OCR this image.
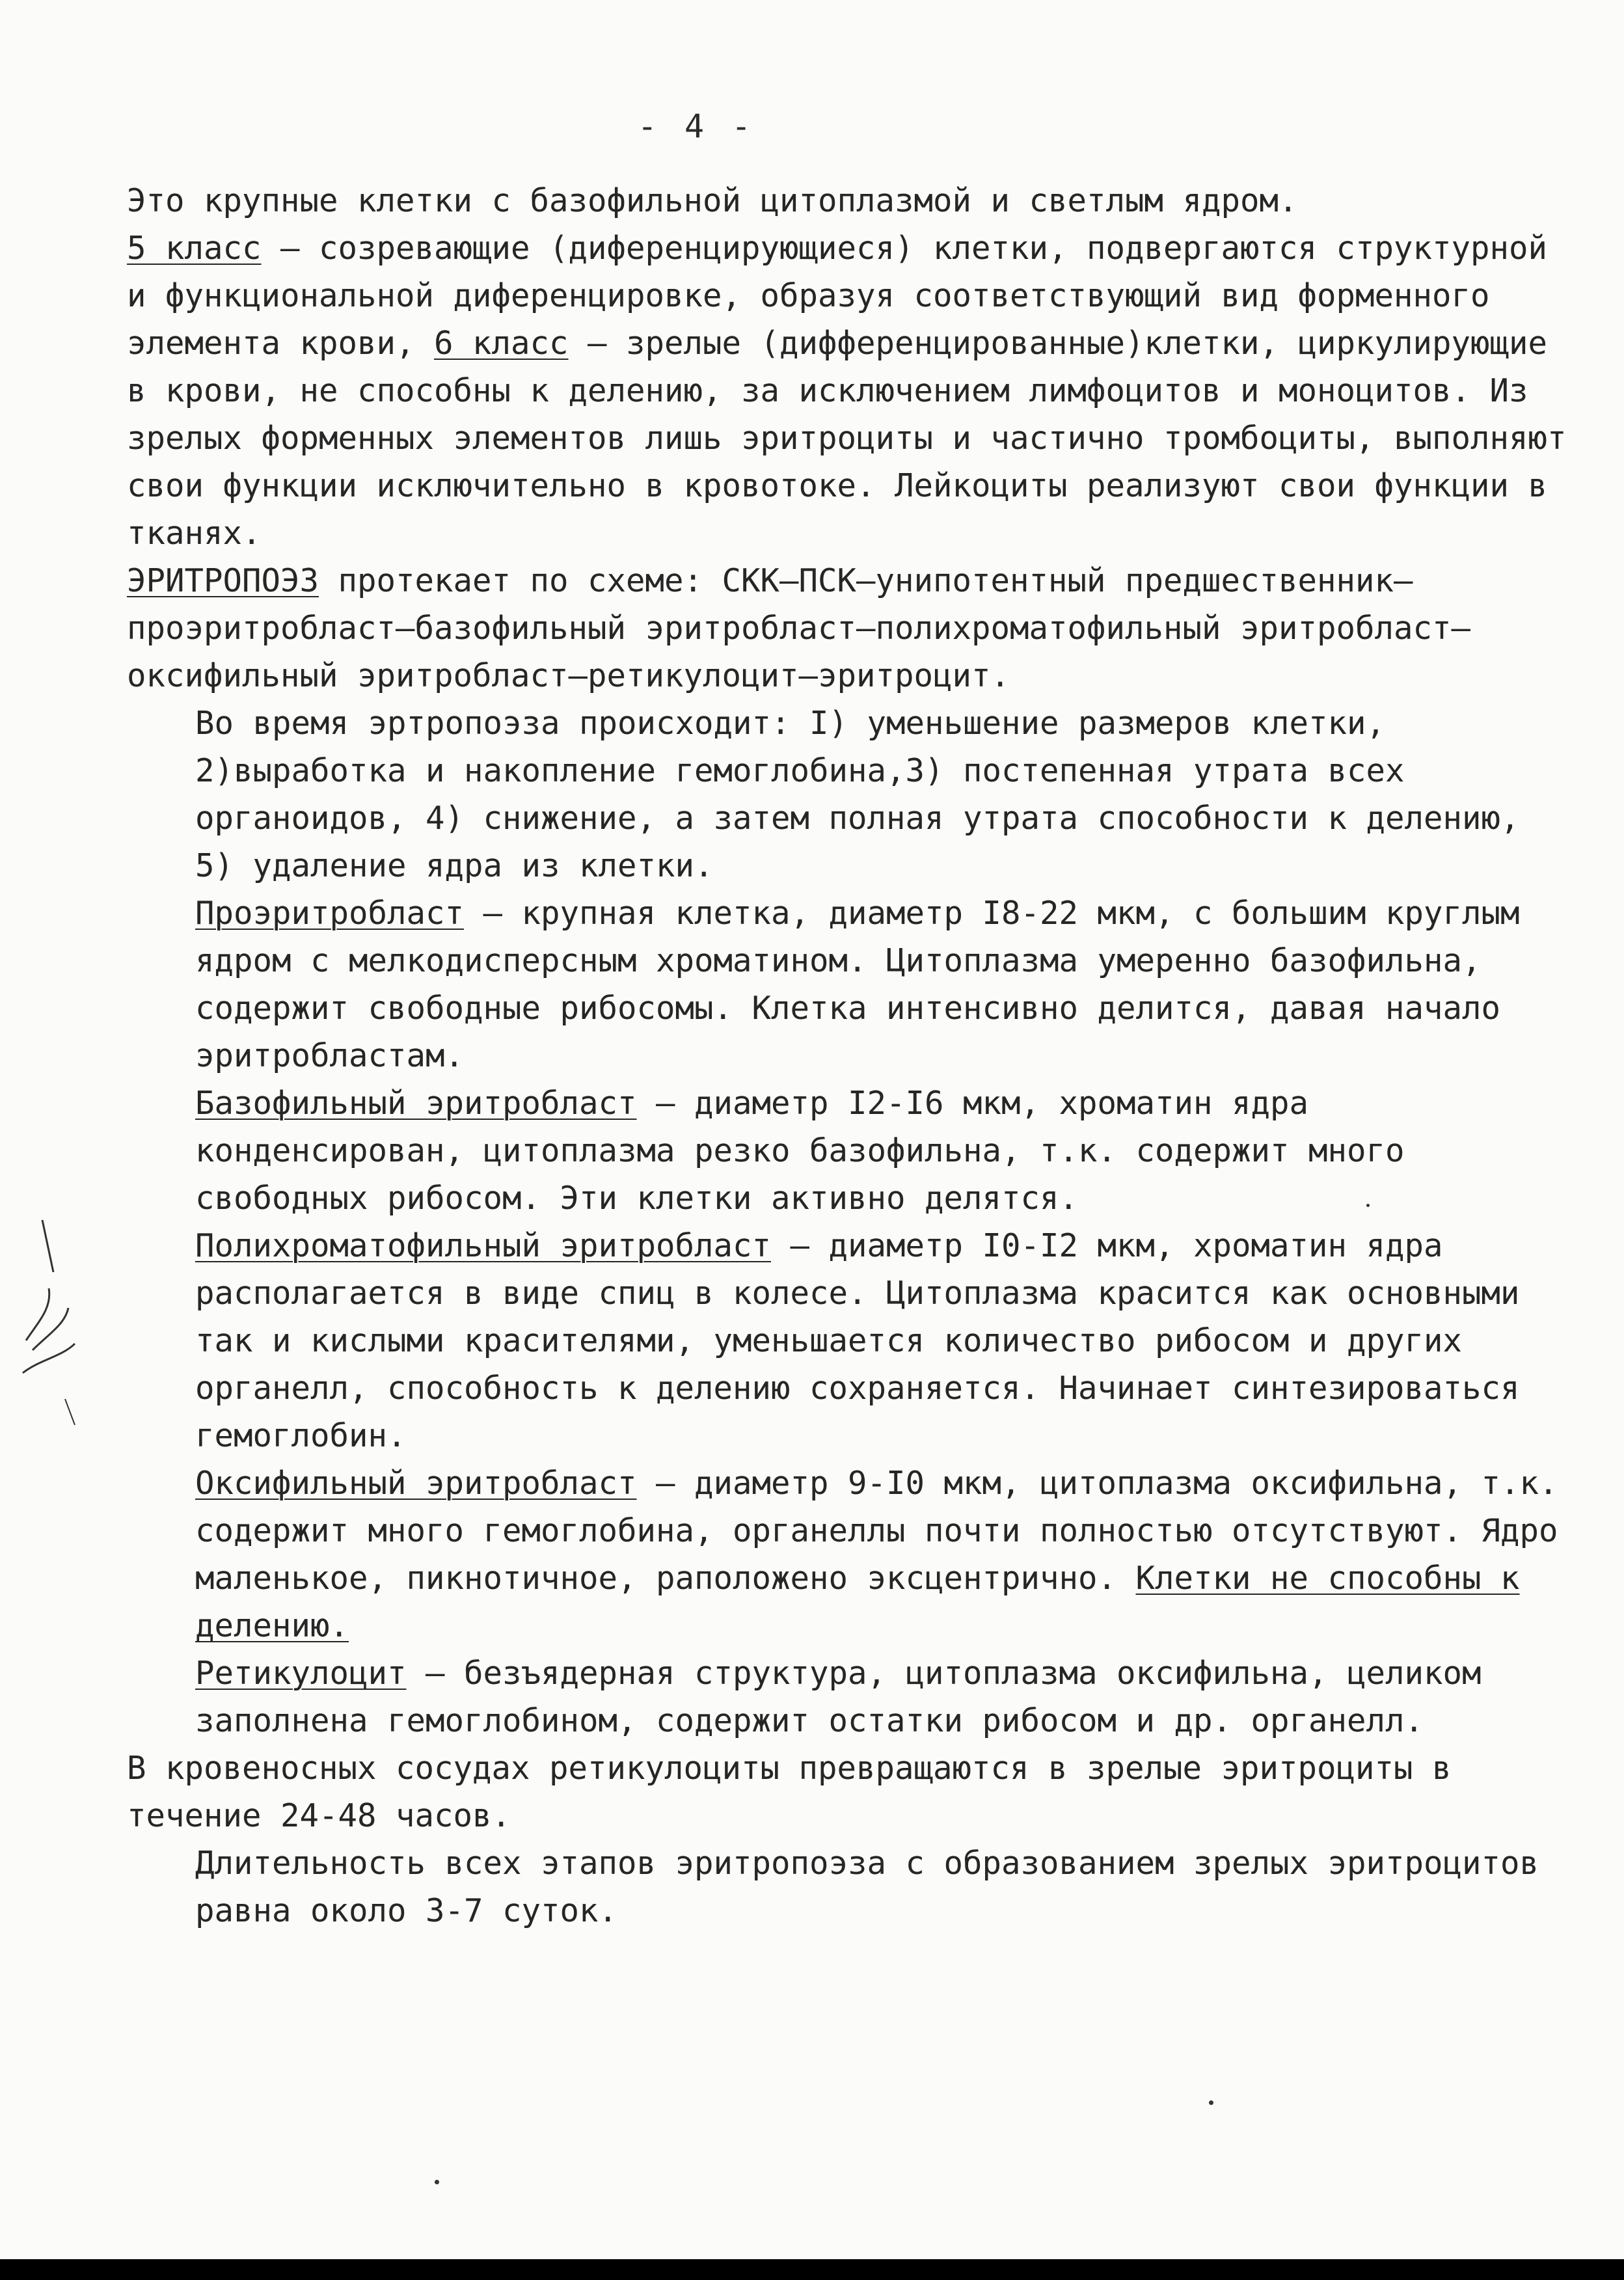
- 4 -

Это крупные клетки с базофильной цитоплазмой и светлым ядром.

5 класс – созревающие (диференцирующиеся) клетки, подвергаются структурной и функциональной диференцировке, образуя соответствующий вид форменного элемента крови, 6 класс – зрелые (диффеpенцированные)клетки, циркулирующие в крови, не способны к делению, за исключением лимфоцитов и моноцитов. Из зрелых форменных элементов лишь эритроциты и частично тромбоциты, выполняют свои функции исключительно в кровотоке. Лейкоциты реализуют свои функции в тканях.

ЭРИТРОПОЭЗ протекает по схеме: СКК—ПСК—унипотентный предшественник—проэритробласт—базофильный эритробласт—полихроматофильный эритробласт—оксифильный эритробласт—ретикулоцит—эритроцит.

Во время эртропоэза происходит: I) уменьшение размеров клетки, 2)выработка и накопление гемоглобина,3) постепенная утрата всех органоидов, 4) снижение, а затем полная утрата способности к делению, 5) удаление ядра из клетки.

Проэритробласт – крупная клетка, диаметр I8-22 мкм, с большим круглым ядром с мелкодисперсным хроматином. Цитоплазма умеренно базофильна, содержит свободные рибосомы. Клетка интенсивно делится, давая начало эритробластам.

Базофильный эритробласт – диаметр I2-I6 мкм, хроматин ядра конденсирован, цитоплазма резко базофильна, т.к. содержит много свободных рибосом. Эти клетки активно делятся.

Полихроматофильный эритробласт – диаметр I0-I2 мкм, хроматин ядра располагается в виде спиц в колесе. Цитоплазма красится как основными так и кислыми красителями, уменьшается количество рибосом и других органелл, способность к делению сохраняется. Начинает синтезироваться гемоглобин.

Оксифильный эритробласт – диаметр 9-I0 мкм, цитоплазма оксифильна, т.к. содержит много гемоглобина, органеллы почти полностью отсутствуют. Ядро маленькое, пикнотичное, раположено эксцентрично. Клетки не способны к делению.

Ретикулоцит – безъядерная структура, цитоплазма оксифильна, целиком заполнена гемоглобином, содержит остатки рибосом и др. органелл.

В кровеносных сосудах ретикулоциты превращаются в зрелые эритроциты в течение 24-48 часов.

Длительность всех этапов эритропоэза с образованием зрелых эритроцитов равна около 3-7 суток.
